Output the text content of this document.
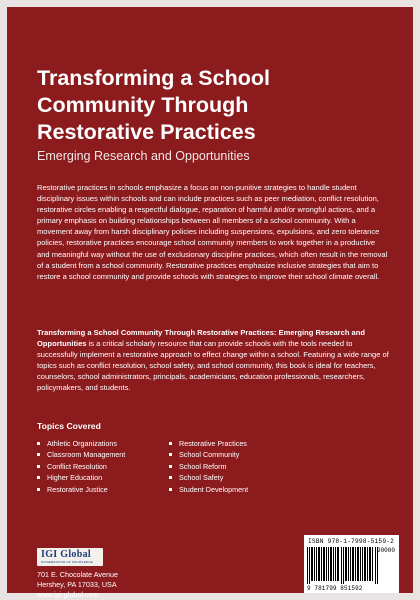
Transforming a School
Community Through
Restorative Practices
Emerging Research and Opportunities

Restorative practices in schools emphasize a focus on non-punitive strategies to handle student disciplinary issues within schools and can include practices such as peer mediation, conflict resolution, restorative circles enabling a respectful dialogue, reparation of harmful and/or wrongful actions, and a primary emphasis on building relationships between all members of a school community. With a movement away from harsh disciplinary policies including suspensions, expulsions, and zero tolerance policies, restorative practices encourage school community members to work together in a productive and meaningful way without the use of exclusionary discipline practices, which often result in the removal of a student from a school community. Restorative practices emphasize inclusive strategies that aim to restore a school community and provide schools with strategies to improve their school climate overall.

Transforming a School Community Through Restorative Practices: Emerging Research and Opportunities is a critical scholarly resource that can provide schools with the tools needed to successfully implement a restorative approach to effect change within a school. Featuring a wide range of topics such as conflict resolution, school safety, and school community, this book is ideal for teachers, counselors, school administrators, principals, academicians, education professionals, researchers, policymakers, and students.

Topics Covered
Athletic Organizations
Classroom Management
Conflict Resolution
Higher Education
Restorative Justice
Restorative Practices
School Community
School Reform
School Safety
Student Development
IGI Global
DISSEMINATOR OF KNOWLEDGE
701 E. Chocolate Avenue
Hershey, PA 17033, USA
www.igi-global.com
ISBN 978-1-7998-5159-2
90000
9 781799 851592
